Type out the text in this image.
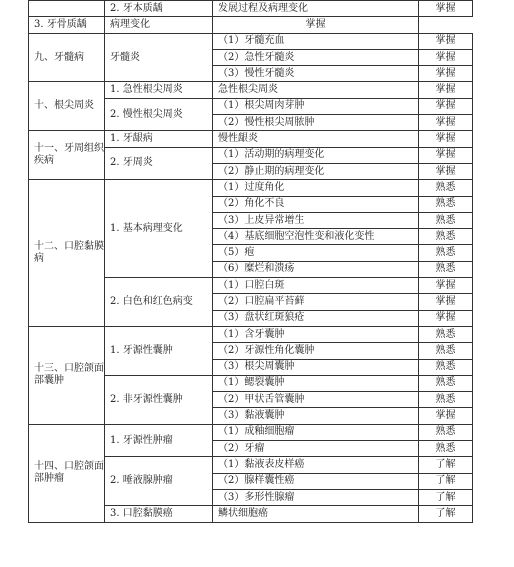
	2. 牙本质龋	发展过程及病理变化	掌握
3. 牙骨质龋	病理变化	掌握	
九、牙髓病	牙髓炎	（1）牙髓充血	掌握
		（2）急性牙髓炎	掌握
		（3）慢性牙髓炎	掌握
十、根尖周炎	1. 急性根尖周炎	急性根尖周炎	掌握
	2. 慢性根尖周炎	（1）根尖周肉芽肿	掌握
		（2）慢性根尖周脓肿	掌握
十一、牙周组织疾病	1. 牙龈病	慢性龈炎	掌握
	2. 牙周炎	（1）活动期的病理变化	掌握
		（2）静止期的病理变化	掌握
十二、口腔黏膜病	1. 基本病理变化	（1）过度角化	熟悉
		（2）角化不良	熟悉
		（3）上皮异常增生	熟悉
		（4）基底细胞空泡性变和液化变性	熟悉
		（5）疱	熟悉
		（6）糜烂和溃疡	熟悉
	2. 白色和红色病变	（1）口腔白斑	掌握
		（2）口腔扁平苔藓	掌握
		（3）盘状红斑狼疮	掌握
十三、口腔颌面部囊肿	1. 牙源性囊肿	（1）含牙囊肿	熟悉
		（2）牙源性角化囊肿	熟悉
		（3）根尖周囊肿	熟悉
	2. 非牙源性囊肿	（1）鳃裂囊肿	熟悉
		（2）甲状舌管囊肿	熟悉
		（3）黏液囊肿	掌握
十四、口腔颌面部肿瘤	1. 牙源性肿瘤	（1）成釉细胞瘤	熟悉
		（2）牙瘤	熟悉
	2. 唾液腺肿瘤	（1）黏液表皮样癌	了解
		（2）腺样囊性癌	了解
		（3）多形性腺瘤	了解
	3. 口腔黏膜癌	鳞状细胞癌	了解
